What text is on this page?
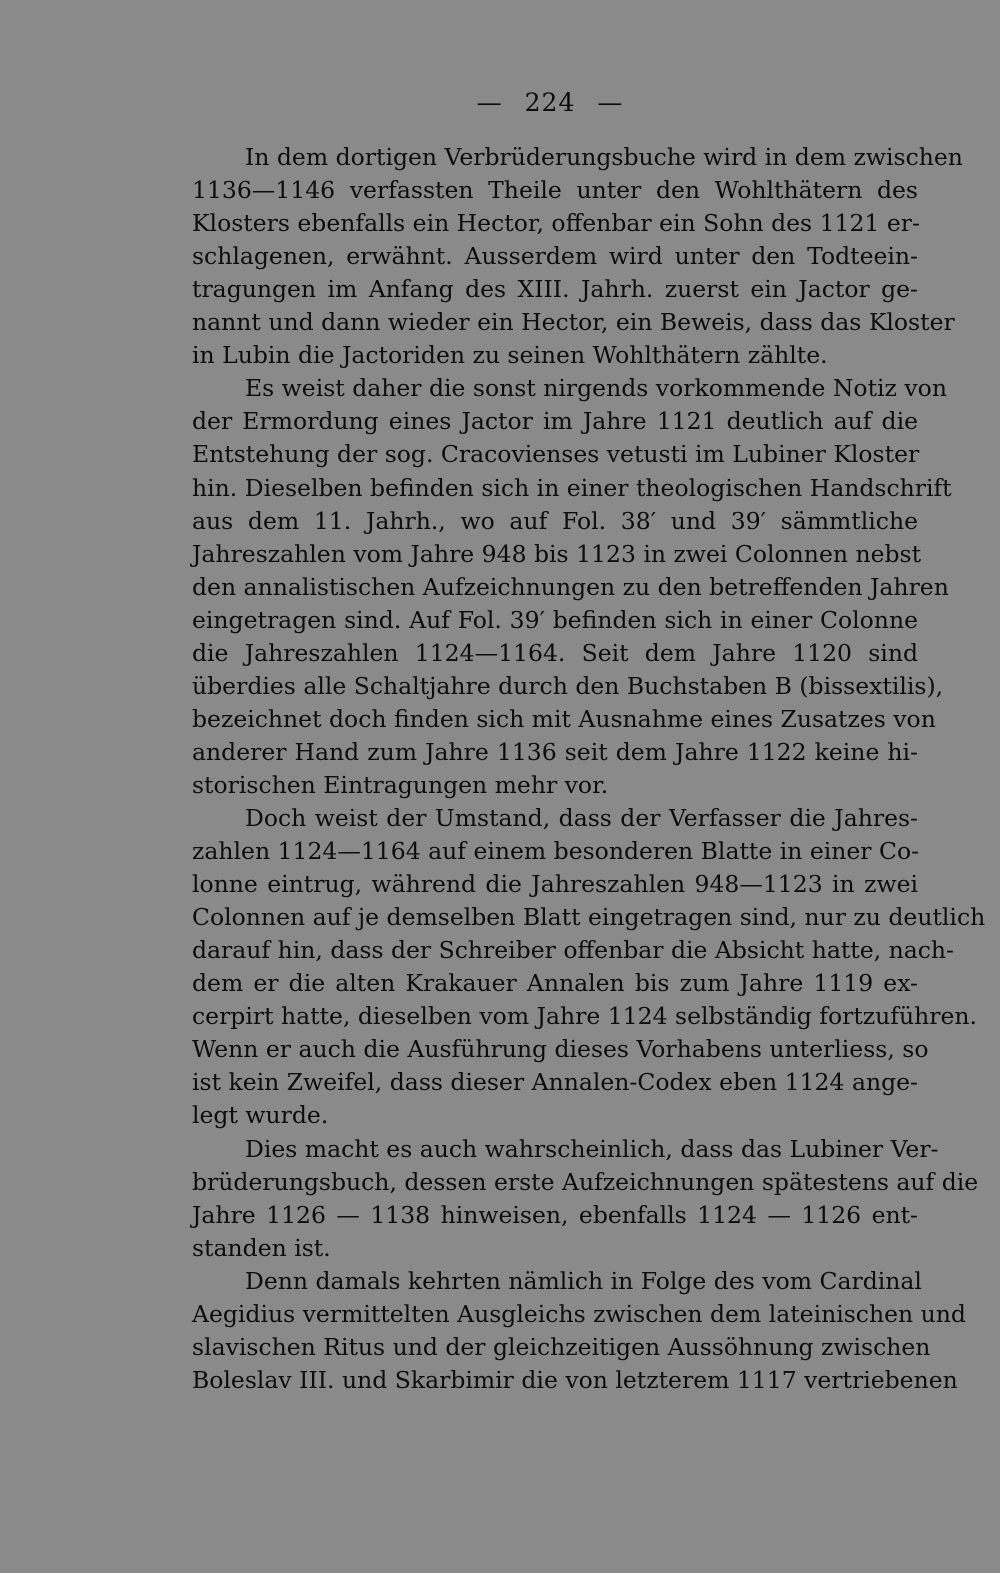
— 224 —
In dem dortigen Verbrüderungsbuche wird in dem zwischen
1136—1146 verfassten Theile unter den Wohlthätern des
Klosters ebenfalls ein Hector, offenbar ein Sohn des 1121 er-
schlagenen, erwähnt. Ausserdem wird unter den Todteein-
tragungen im Anfang des XIII. Jahrh. zuerst ein Jactor ge-
nannt und dann wieder ein Hector, ein Beweis, dass das Kloster
in Lubin die Jactoriden zu seinen Wohlthätern zählte.
Es weist daher die sonst nirgends vorkommende Notiz von
der Ermordung eines Jactor im Jahre 1121 deutlich auf die
Entstehung der sog. Cracovienses vetusti im Lubiner Kloster
hin. Dieselben befinden sich in einer theologischen Handschrift
aus dem 11. Jahrh., wo auf Fol. 38′ und 39′ sämmtliche
Jahreszahlen vom Jahre 948 bis 1123 in zwei Colonnen nebst
den annalistischen Aufzeichnungen zu den betreffenden Jahren
eingetragen sind. Auf Fol. 39′ befinden sich in einer Colonne
die Jahreszahlen 1124—1164. Seit dem Jahre 1120 sind
überdies alle Schaltjahre durch den Buchstaben B (bissextilis),
bezeichnet doch finden sich mit Ausnahme eines Zusatzes von
anderer Hand zum Jahre 1136 seit dem Jahre 1122 keine hi-
storischen Eintragungen mehr vor.
Doch weist der Umstand, dass der Verfasser die Jahres-
zahlen 1124—1164 auf einem besonderen Blatte in einer Co-
lonne eintrug, während die Jahreszahlen 948—1123 in zwei
Colonnen auf je demselben Blatt eingetragen sind, nur zu deutlich
darauf hin, dass der Schreiber offenbar die Absicht hatte, nach-
dem er die alten Krakauer Annalen bis zum Jahre 1119 ex-
cerpirt hatte, dieselben vom Jahre 1124 selbständig fortzuführen.
Wenn er auch die Ausführung dieses Vorhabens unterliess, so
ist kein Zweifel, dass dieser Annalen-Codex eben 1124 ange-
legt wurde.
Dies macht es auch wahrscheinlich, dass das Lubiner Ver-
brüderungsbuch, dessen erste Aufzeichnungen spätestens auf die
Jahre 1126 — 1138 hinweisen, ebenfalls 1124 — 1126 ent-
standen ist.
Denn damals kehrten nämlich in Folge des vom Cardinal
Aegidius vermittelten Ausgleichs zwischen dem lateinischen und
slavischen Ritus und der gleichzeitigen Aussöhnung zwischen
Boleslav III. und Skarbimir die von letzterem 1117 vertriebenen
